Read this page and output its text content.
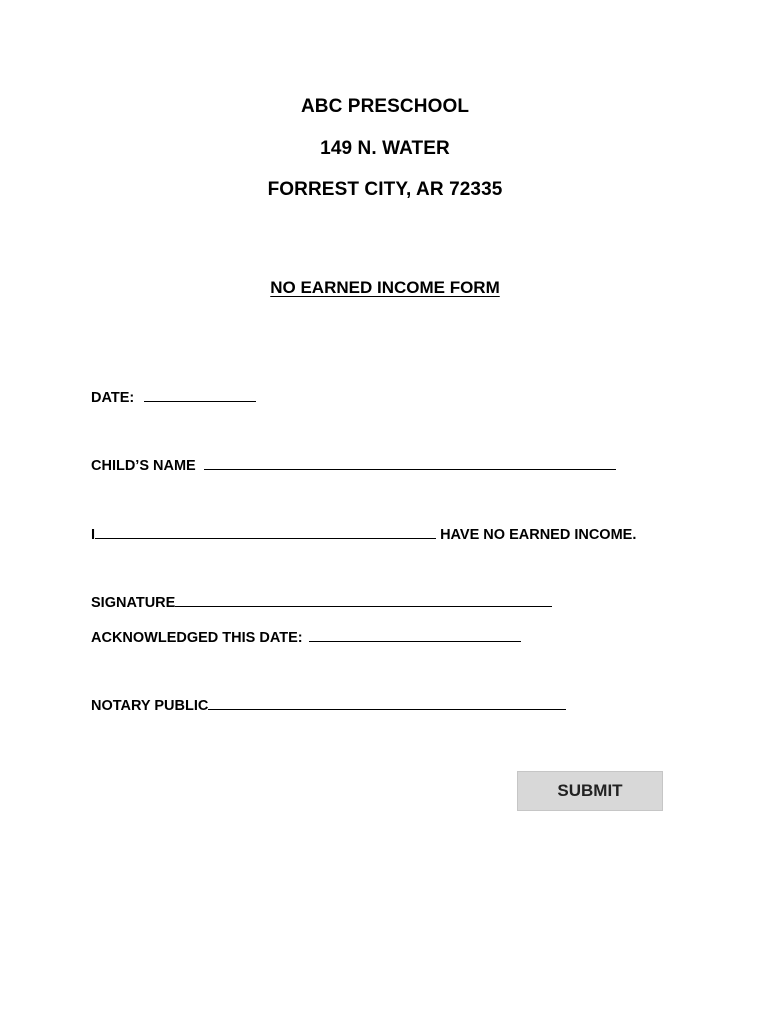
ABC PRESCHOOL
149 N. WATER
FORREST CITY, AR 72335
NO EARNED INCOME FORM
DATE:
CHILD’S NAME
I	HAVE NO EARNED INCOME.
SIGNATURE
ACKNOWLEDGED THIS DATE:
NOTARY PUBLIC
SUBMIT
